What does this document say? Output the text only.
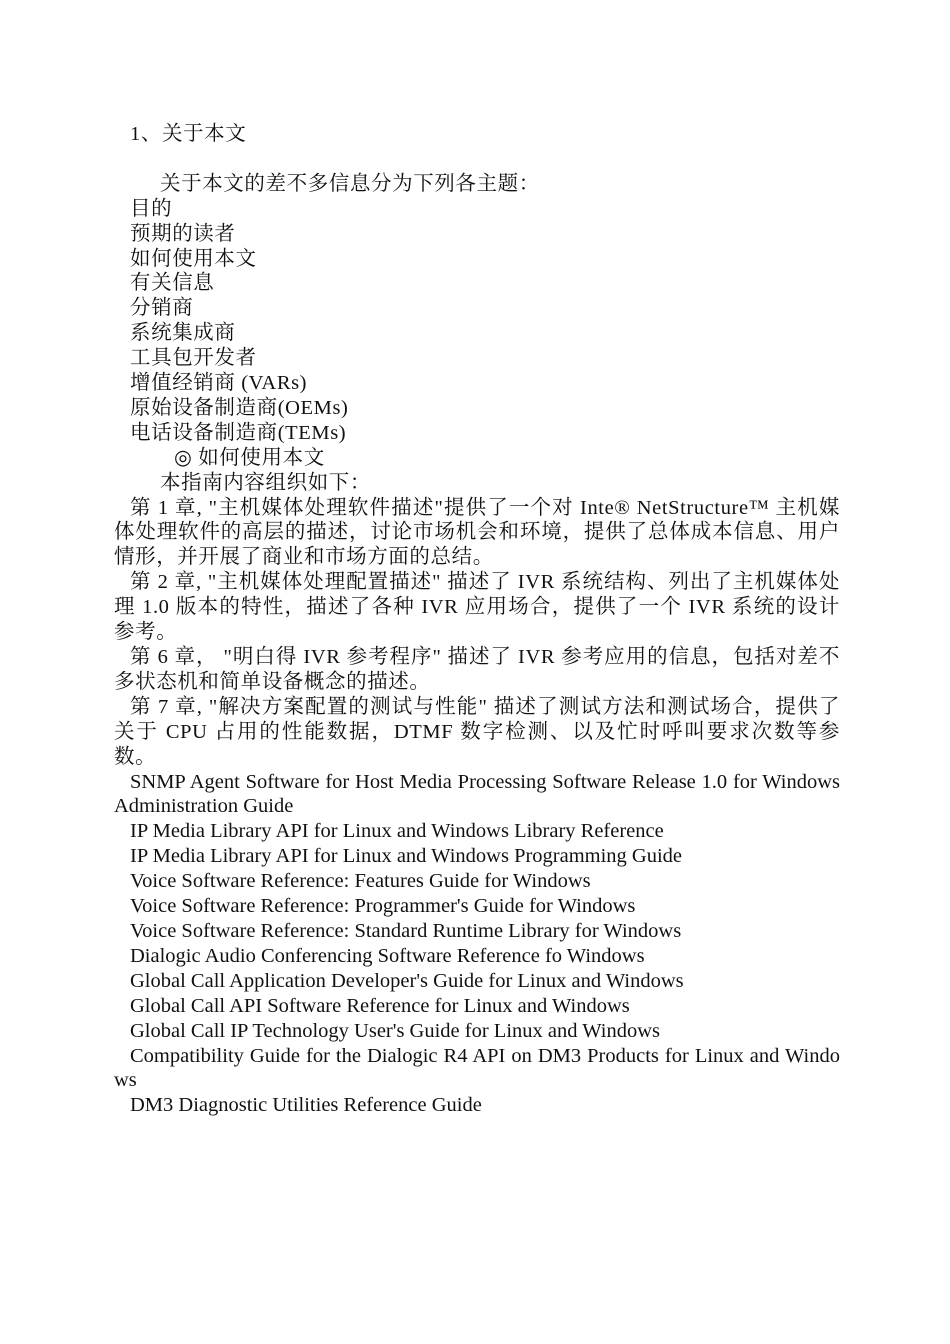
1、关于本文
关于本文的差不多信息分为下列各主题：
目的
预期的读者
如何使用本文
有关信息
分销商
系统集成商
工具包开发者
增值经销商 (VARs)
原始设备制造商(OEMs)
电话设备制造商(TEMs)
◎ 如何使用本文
本指南内容组织如下：
第 1 章, "主机媒体处理软件描述"提供了一个对 Inte® NetStructure™ 主机媒体处理软件的高层的描述，讨论市场机会和环境，提供了总体成本信息、用户情形，并开展了商业和市场方面的总结。
第 2 章, "主机媒体处理配置描述" 描述了 IVR 系统结构、列出了主机媒体处理 1.0 版本的特性，描述了各种 IVR 应用场合，提供了一个 IVR 系统的设计参考。
第 6 章， "明白得 IVR 参考程序" 描述了 IVR 参考应用的信息，包括对差不多状态机和简单设备概念的描述。
第 7 章, "解决方案配置的测试与性能" 描述了测试方法和测试场合，提供了关于 CPU 占用的性能数据，DTMF 数字检测、以及忙时呼叫要求次数等参数。
SNMP Agent Software for Host Media Processing Software Release 1.0 for Windows Administration Guide
IP Media Library API for Linux and Windows Library Reference
IP Media Library API for Linux and Windows Programming Guide
Voice Software Reference: Features Guide for Windows
Voice Software Reference: Programmer's Guide for Windows
Voice Software Reference: Standard Runtime Library for Windows
Dialogic Audio Conferencing Software Reference fo Windows
Global Call Application Developer's Guide for Linux and Windows
Global Call API Software Reference for Linux and Windows
Global Call IP Technology User's Guide for Linux and Windows
Compatibility Guide for the Dialogic R4 API on DM3 Products for Linux and Windows
DM3 Diagnostic Utilities Reference Guide
